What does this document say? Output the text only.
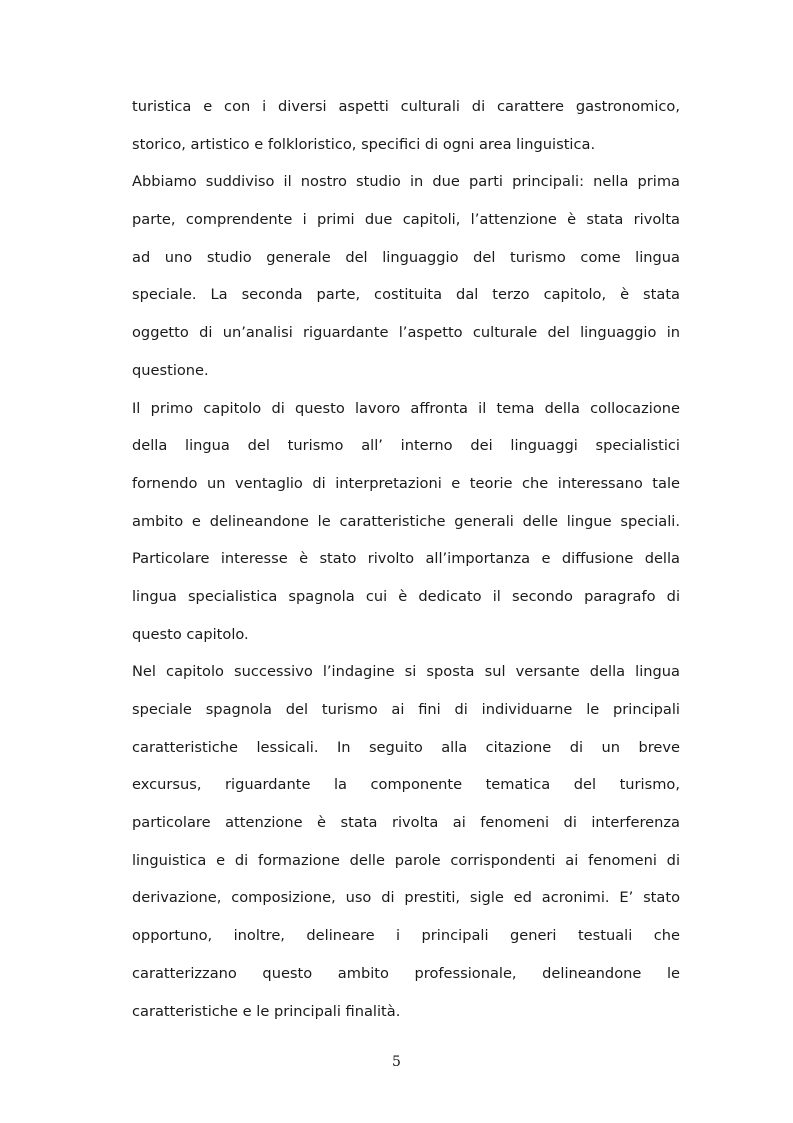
turistica e con i diversi aspetti culturali di carattere gastronomico,
storico, artistico e folkloristico, specifici di ogni area linguistica.
Abbiamo suddiviso il nostro studio in due parti principali: nella prima
parte, comprendente i primi due capitoli, l’attenzione è stata rivolta
ad uno studio generale del linguaggio del turismo come lingua
speciale. La seconda parte, costituita dal terzo capitolo, è stata
oggetto di un’analisi riguardante l’aspetto culturale del linguaggio in
questione.
Il primo capitolo di questo lavoro affronta il tema della collocazione
della lingua del turismo all’ interno dei linguaggi specialistici
fornendo un ventaglio di interpretazioni e teorie che interessano tale
ambito e delineandone le caratteristiche generali delle lingue speciali.
Particolare interesse è stato rivolto all’importanza e diffusione della
lingua specialistica spagnola cui è dedicato il secondo paragrafo di
questo capitolo.
Nel capitolo successivo l’indagine si sposta sul versante della lingua
speciale spagnola del turismo ai fini di individuarne le principali
caratteristiche lessicali. In seguito alla citazione di un breve
excursus, riguardante la componente tematica del turismo,
particolare attenzione è stata rivolta ai fenomeni di interferenza
linguistica e di formazione delle parole corrispondenti ai fenomeni di
derivazione, composizione, uso di prestiti, sigle ed acronimi. E’ stato
opportuno, inoltre, delineare i principali generi testuali che
caratterizzano questo ambito professionale, delineandone le
caratteristiche e le principali finalità.
5
